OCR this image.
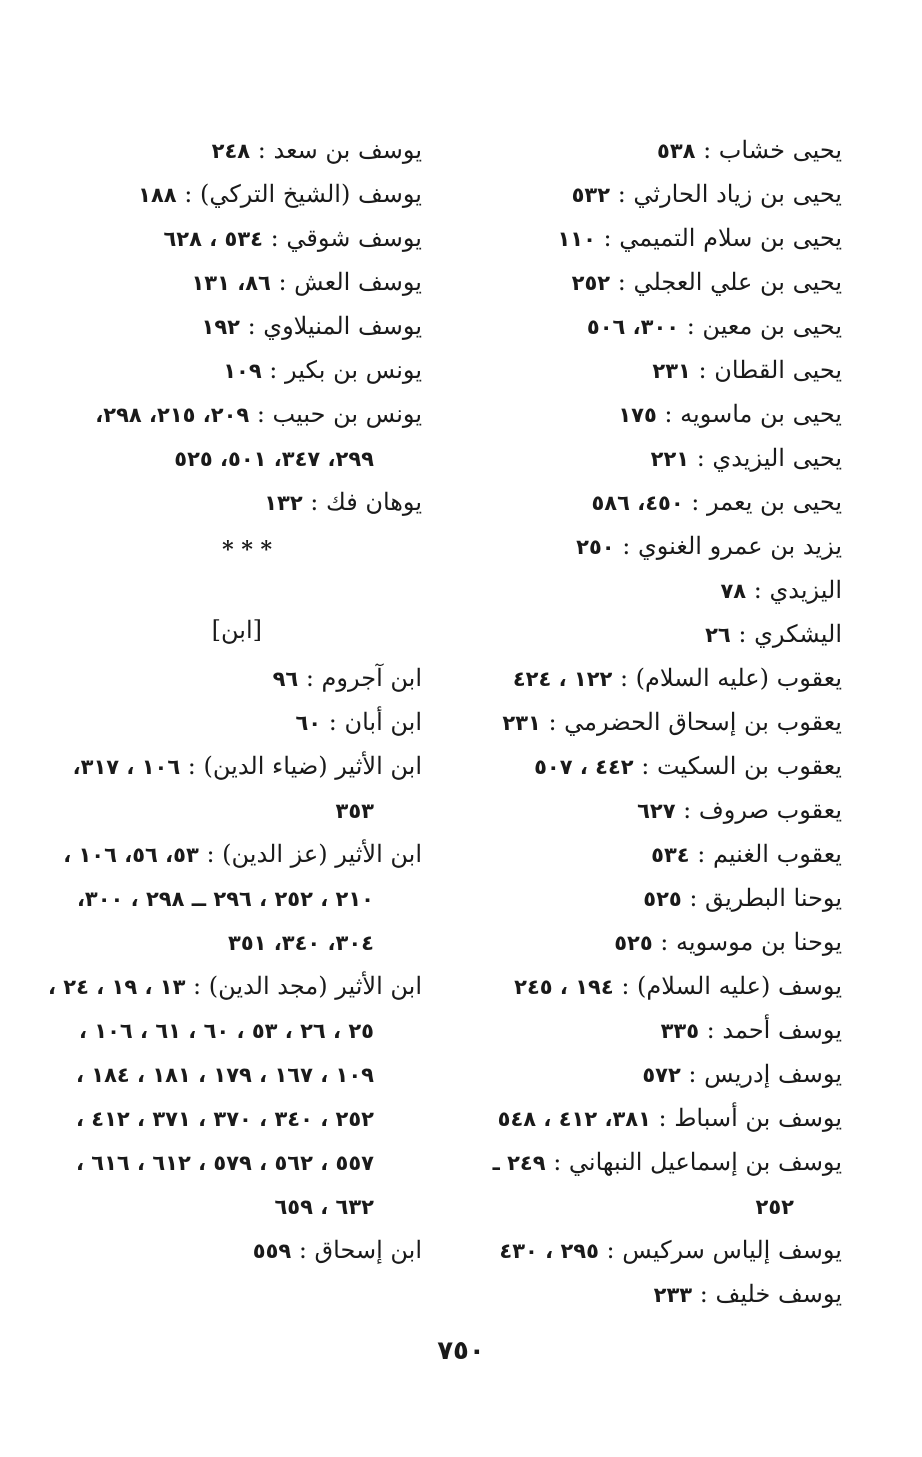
يحيى خشاب : ٥٣٨
يحيى بن زياد الحارثي : ٥٣٢
يحيى بن سلام التميمي : ١١٠
يحيى بن علي العجلي : ٢٥٢
يحيى بن معين : ٣٠٠، ٥٠٦
يحيى القطان : ٢٣١
يحيى بن ماسويه : ١٧٥
يحيى اليزيدي : ٢٢١
يحيى بن يعمر : ٤٥٠، ٥٨٦
يزيد بن عمرو الغنوي : ٢٥٠
اليزيدي : ٧٨
اليشكري : ٢٦
يعقوب (عليه السلام) : ١٢٢ ، ٤٢٤
يعقوب بن إسحاق الحضرمي : ٢٣١
يعقوب بن السكيت : ٤٤٢ ، ٥٠٧
يعقوب صروف : ٦٢٧
يعقوب الغنيم : ٥٣٤
يوحنا البطريق : ٥٢٥
يوحنا بن موسويه : ٥٢٥
يوسف (عليه السلام) : ١٩٤ ، ٢٤٥
يوسف أحمد : ٣٣٥
يوسف إدريس : ٥٧٢
يوسف بن أسباط : ٣٨١، ٤١٢ ، ٥٤٨
يوسف بن إسماعيل النبهاني : ٢٤٩ ـ
٢٥٢
يوسف إلياس سركيس : ٢٩٥ ، ٤٣٠
يوسف خليف : ٢٣٣
يوسف بن سعد : ٢٤٨
يوسف (الشيخ التركي) : ١٨٨
يوسف شوقي : ٥٣٤ ، ٦٢٨
يوسف العش : ٨٦، ١٣١
يوسف المنيلاوي : ١٩٢
يونس بن بكير : ١٠٩
يونس بن حبيب : ٢٠٩، ٢١٥، ٢٩٨،
٢٩٩، ٣٤٧، ٥٠١، ٥٢٥
يوهان فك : ١٣٢
* * *
[ابن]
ابن آجروم : ٩٦
ابن أبان : ٦٠
ابن الأثير (ضياء الدين) : ١٠٦ ، ٣١٧،
٣٥٣
ابن الأثير (عز الدين) : ٥٣، ٥٦، ١٠٦ ،
٢١٠ ، ٢٥٢ ، ٢٩٦ ــ ٢٩٨ ، ٣٠٠،
٣٠٤، ٣٤٠، ٣٥١
ابن الأثير (مجد الدين) : ١٣ ، ١٩ ، ٢٤ ،
٢٥ ، ٢٦ ، ٥٣ ، ٦٠ ، ٦١ ، ١٠٦ ،
١٠٩ ، ١٦٧ ، ١٧٩ ، ١٨١ ، ١٨٤ ،
٢٥٢ ، ٣٤٠ ، ٣٧٠ ، ٣٧١ ، ٤١٢ ،
٥٥٧ ، ٥٦٢ ، ٥٧٩ ، ٦١٢ ، ٦١٦ ،
٦٣٢ ، ٦٥٩
ابن إسحاق : ٥٥٩
٧٥٠
